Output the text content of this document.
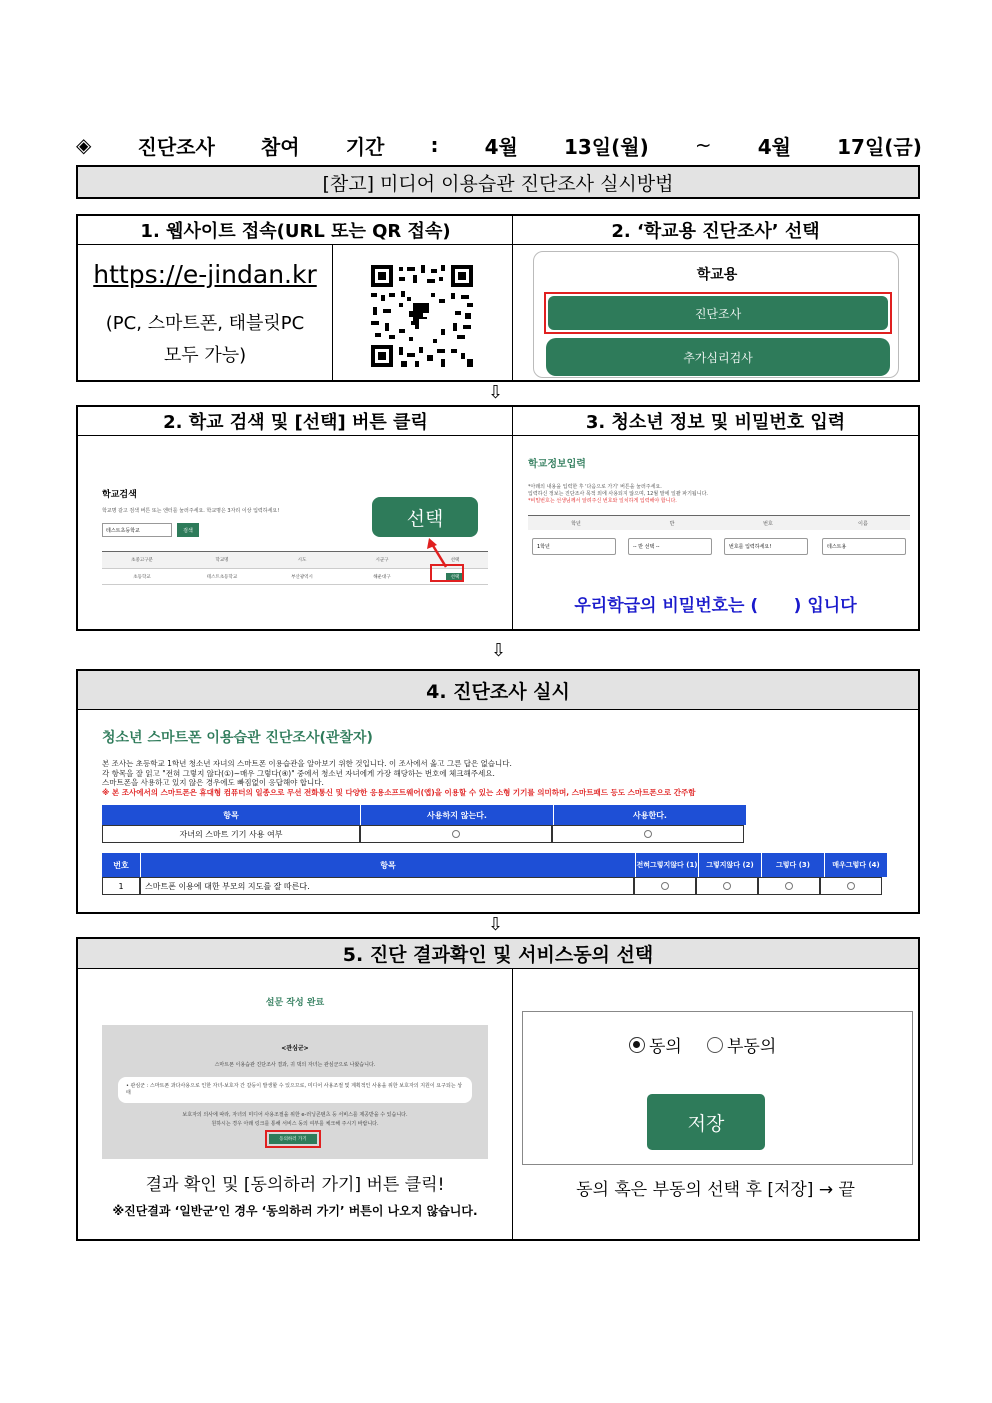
◈ 진단조사 참여 기간 : 4월 13일(월) ~ 4월 17일(금)
[참고] 미디어 이용습관 진단조사 실시방법
1. 웹사이트 접속(URL 또는 QR 접속)	2. ‘학교용 진단조사’ 선택
https://e-jindan.kr
(PC, 스마트폰, 태블릿PC
모두 가능)
학교용
진단조사
추가심리검사
⇩
2. 학교 검색 및 [선택] 버튼 클릭	3. 청소년 정보 및 비밀번호 입력
학교검색
학교명 같고 검색 버튼 또는 엔터를 눌러주세요. 학교명은 3자리 이상 입력하세요!
테스트초등학교	검색
초중고구분	학교명	시도	시군구	선택
초등학교	테스트초등학교	부산광역시	해운대구	선택
선택
학교정보입력
*아래의 내용을 입력한 후 '다음으로 가기' 버튼을 눌러주세요.
입력하신 정보는 진단조사 목적 외에 사용되지 않으며, 12월 말에 일괄 파기됩니다.
*비밀번호는 선생님께서 알려주신 번호와 일치하게 입력해야 합니다.
학년	반	번호	이름
1학년	-- 반 선택 --	번호를 입력하세요!	테스트용
우리학급의 비밀번호는 (      ) 입니다
⇩
4. 진단조사 실시
청소년 스마트폰 이용습관 진단조사(관찰자)
본 조사는 초등학교 1학년 청소년 자녀의 스마트폰 이용습관을 알아보기 위한 것입니다. 이 조사에서 옳고 그른 답은 없습니다.
각 항목을 잘 읽고 "전혀 그렇지 않다(①)~매우 그렇다(④)" 중에서 청소년 자녀에게 가장 해당하는 번호에 체크해주세요.
스마트폰을 사용하고 있지 않은 경우에도 빠짐없이 응답해야 합니다.
※ 본 조사에서의 스마트폰은 휴대형 컴퓨터의 일종으로 무선 전화통신 및 다양한 응용소프트웨어(앱)을 이용할 수 있는 소형 기기를 의미하며, 스마트패드 등도 스마트폰으로 간주함
항목	사용하지 않는다.	사용한다.
자녀의 스마트 기기 사용 여부
번호	항목	전혀그렇지않다 (1)	그렇지않다 (2)	그렇다 (3)	매우그렇다 (4)
1	스마트폰 이용에 대한 부모의 지도를 잘 따른다.
⇩
5. 진단 결과확인 및 서비스동의 선택
설문 작성 완료
<관심군>
스마트폰 이용습관 진단조사 결과, 귀 댁의 자녀는 관심군으로 나왔습니다.
• 관심군 : 스마트폰 과다사용으로 인한 자녀-보호자 간 갈등이 발생할 수 있으므로, 미디어 사용조절 및 계획적인 사용을 위한 보호자의 지원이 요구되는 상태
보호자의 의사에 따라, 자녀의 미디어 사용조절을 위한 e-러닝콘텐츠 등 서비스를 제공받을 수 있습니다.
원하시는 경우 아래 링크를 통해 서비스 동의 여부를 체크해 주시기 바랍니다.
동의하러 가기
결과 확인 및 [동의하러 가기] 버튼 클릭!
※진단결과 ‘일반군’인 경우 ‘동의하러 가기’ 버튼이 나오지 않습니다.
동의	부동의
저장
동의 혹은 부동의 선택 후 [저장] → 끝
